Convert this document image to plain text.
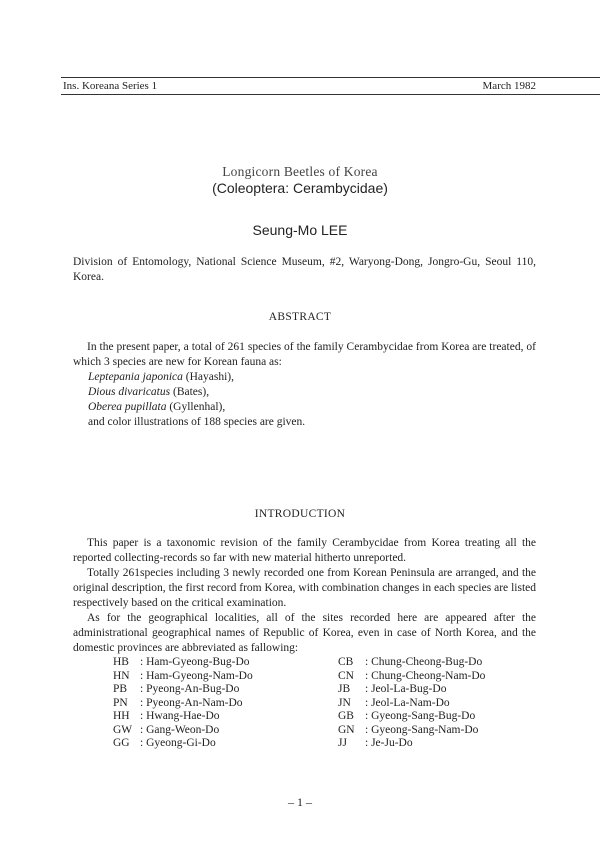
Ins. Koreana Series 1	March 1982
Longicorn Beetles of Korea
(Coleoptera: Cerambycidae)
Seung-Mo LEE
Division of Entomology, National Science Museum, #2, Waryong-Dong, Jongro-Gu, Seoul 110, Korea.
ABSTRACT

In the present paper, a total of 261 species of the family Cerambycidae from Korea are treated, of which 3 species are new for Korean fauna as:

Leptepania japonica (Hayashi),
Dious divaricatus (Bates),
Oberea pupillata (Gyllenhal),
and color illustrations of 188 species are given.
INTRODUCTION

This paper is a taxonomic revision of the family Cerambycidae from Korea treating all the reported collecting-records so far with new material hitherto unreported.

Totally 261species including 3 newly recorded one from Korean Peninsula are arranged, and the original description, the first record from Korea, with combination changes in each species are listed respectively based on the critical examination.

As for the geographical localities, all of the sites recorded here are appeared after the administrational geographical names of Republic of Korea, even in case of North Korea, and the domestic provinces are abbreviated as fallowing:

HB : Ham-Gyeong-Bug-Do
HN : Ham-Gyeong-Nam-Do
PB : Pyeong-An-Bug-Do
PN : Pyeong-An-Nam-Do
HH : Hwang-Hae-Do
GW : Gang-Weon-Do
GG : Gyeong-Gi-Do
CB : Chung-Cheong-Bug-Do
CN : Chung-Cheong-Nam-Do
JB : Jeol-La-Bug-Do
JN : Jeol-La-Nam-Do
GB : Gyeong-Sang-Bug-Do
GN : Gyeong-Sang-Nam-Do
JJ : Je-Ju-Do
– 1 –
